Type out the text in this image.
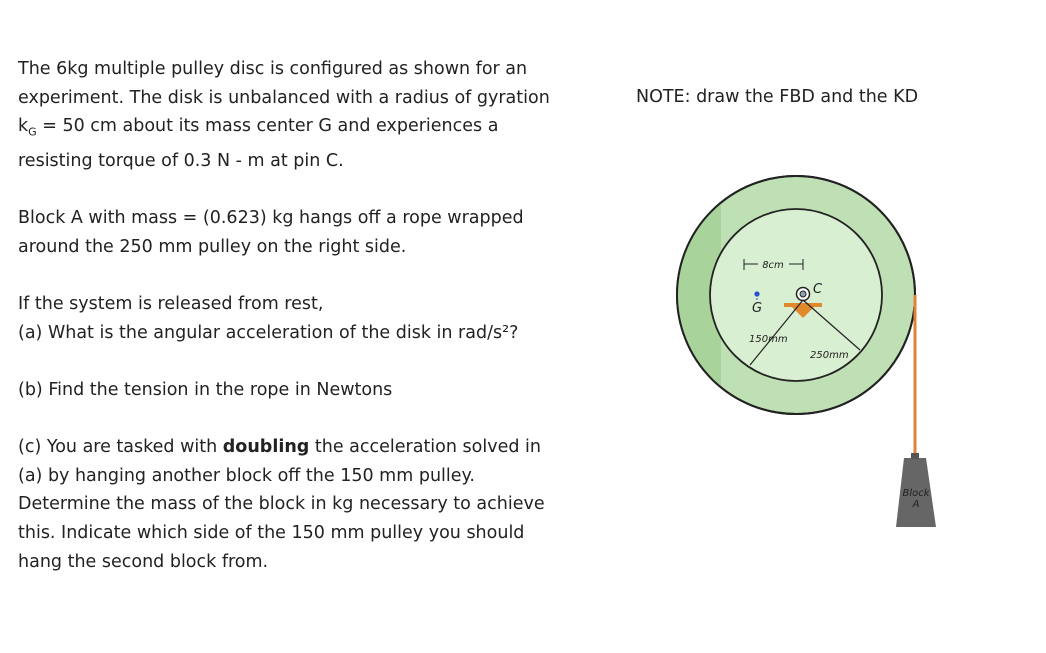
The 6kg multiple pulley disc is configured as shown for an experiment. The disk is unbalanced with a radius of gyration $k_G = 50$ cm about its mass center G and experiences a resisting torque of 0.3 N - m at pin C.

Block A with mass = (0.623) kg hangs off a rope wrapped around the 250 mm pulley on the right side.

If the system is released from rest,

(a) What is the angular acceleration of the disk in rad/s²?

(b) Find the tension in the rope in Newtons

(c) You are tasked with doubling the acceleration solved in (a) by hanging another block off the 150 mm pulley. Determine the mass of the block in kg necessary to achieve this. Indicate which side of the 150 mm pulley you should hang the second block from.

NOTE: draw the FBD and the KD
Block
A
8cm
G
C
150mm
250mm
